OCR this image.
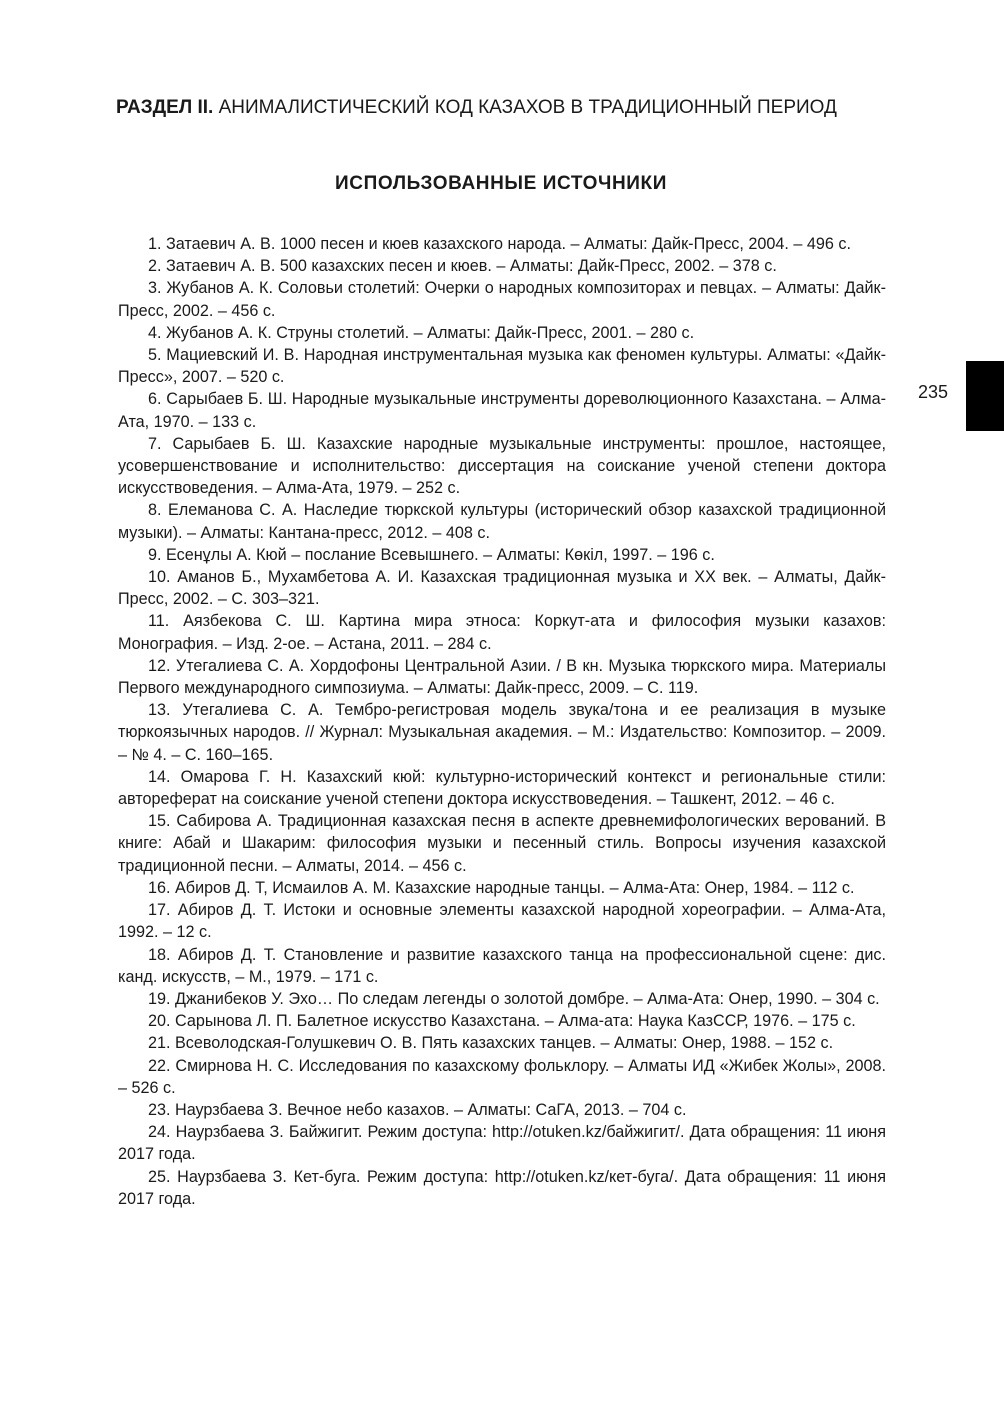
РАЗДЕЛ II. АНИМАЛИСТИЧЕСКИЙ КОД КАЗАХОВ В ТРАДИЦИОННЫЙ ПЕРИОД
ИСПОЛЬЗОВАННЫЕ ИСТОЧНИКИ

1. Затаевич А. В. 1000 песен и кюев казахского народа. – Алматы: Дайк-Пресс, 2004. – 496 с.

2. Затаевич А. В. 500 казахских песен и кюев. – Алматы: Дайк-Пресс, 2002. – 378 с.

3. Жубанов А. К. Соловьи столетий: Очерки о народных композиторах и певцах. – Алматы: Дайк-Пресс, 2002. – 456 с.

4. Жубанов А. К. Струны столетий. – Алматы: Дайк-Пресс, 2001. – 280 с.

5. Мациевский И. В. Народная инструментальная музыка как феномен культуры. Алматы: «Дайк-Пресс», 2007. – 520 с.

6. Сарыбаев Б. Ш. Народные музыкальные инструменты дореволюционного Казахстана. – Алма-Ата, 1970. – 133 с.

7. Сарыбаев Б. Ш. Казахские народные музыкальные инструменты: прошлое, настоящее, усовершенствование и исполнительство: диссертация на соискание ученой степени доктора искусствоведения. – Алма-Ата, 1979. – 252 с.

8. Елеманова С. А. Наследие тюркской культуры (исторический обзор казахской традиционной музыки). – Алматы: Кантана-пресс, 2012. – 408 с.

9. Есенұлы А. Кюй – послание Всевышнего. – Алматы: Көкіл, 1997. – 196 с.

10. Аманов Б., Мухамбетова А. И. Казахская традиционная музыка и XX век. – Алматы, Дайк-Пресс, 2002. – С. 303–321.

11. Аязбекова С. Ш. Картина мира этноса: Коркут-ата и философия музыки казахов: Монография. – Изд. 2-ое. – Астана, 2011. – 284 с.

12. Утегалиева С. А. Хордофоны Центральной Азии. / В кн. Музыка тюркского мира. Материалы Первого международного симпозиума. – Алматы: Дайк-пресс, 2009. – С. 119.

13. Утегалиева С. А. Тембро-регистровая модель звука/тона и ее реализация в музыке тюркоязычных народов. // Журнал: Музыкальная академия. – М.: Издательство: Композитор. – 2009. – № 4. – С. 160–165.

14. Омарова Г. Н. Казахский кюй: культурно-исторический контекст и региональные стили: автореферат на соискание ученой степени доктора искусствоведения. – Ташкент, 2012. – 46 с.

15. Сабирова А. Традиционная казахская песня в аспекте древнемифологических верований. В книге: Абай и Шакарим: философия музыки и песенный стиль. Вопросы изучения казахской традиционной песни. – Алматы, 2014. – 456 с.

16. Абиров Д. Т, Исмаилов А. М. Казахские народные танцы. – Алма-Ата: Онер, 1984. – 112 с.

17. Абиров Д. Т. Истоки и основные элементы казахской народной хореографии. – Алма-Ата, 1992. – 12 с.

18. Абиров Д. Т. Становление и развитие казахского танца на профессиональной сцене: дис. канд. искусств, – М., 1979. – 171 с.

19. Джанибеков У. Эхо… По следам легенды о золотой домбре. – Алма-Ата: Онер, 1990. – 304 с.

20. Сарынова Л. П. Балетное искусство Казахстана. – Алма-ата: Наука КазССР, 1976. – 175 с.

21. Всеволодская-Голушкевич О. В. Пять казахских танцев. – Алматы: Онер, 1988. – 152 с.

22. Смирнова Н. С. Исследования по казахскому фольклору. – Алматы ИД «Жибек Жолы», 2008. – 526 с.

23. Наурзбаева З. Вечное небо казахов. – Алматы: СаГА, 2013. – 704 с.

24. Наурзбаева З. Байжигит. Режим доступа: http://otuken.kz/байжигит/. Дата обращения: 11 июня 2017 года.

25. Наурзбаева З. Кет-буга. Режим доступа: http://otuken.kz/кет-буга/. Дата обращения: 11 июня 2017 года.

235
